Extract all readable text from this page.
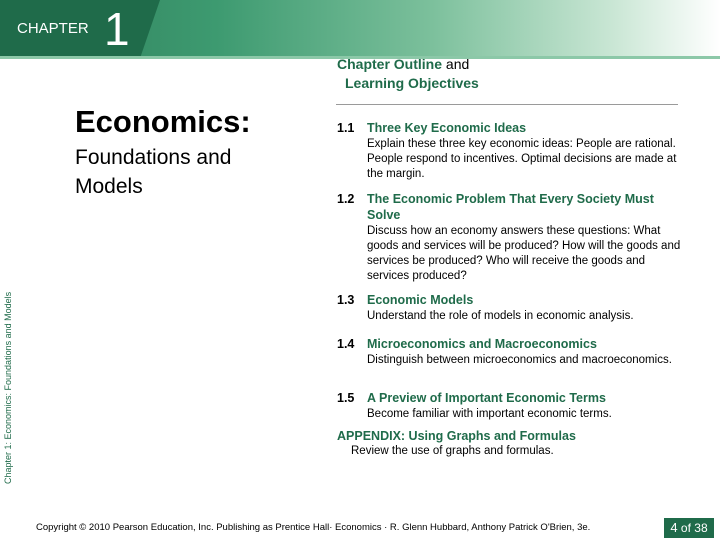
CHAPTER 1
Chapter Outline and
Learning Objectives
Economics:
Foundations and Models
Chapter 1: Economics: Foundations and Models
1.1	Three Key Economic Ideas
Explain these three key economic ideas: People are rational. People respond to incentives. Optimal decisions are made at the margin.
1.2	The Economic Problem That Every Society Must Solve
Discuss how an economy answers these questions: What goods and services will be produced? How will the goods and services be produced? Who will receive the goods and services produced?
1.3	Economic Models
Understand the role of models in economic analysis.
1.4	Microeconomics and Macroeconomics
Distinguish between microeconomics and macroeconomics.
1.5	A Preview of Important Economic Terms
Become familiar with important economic terms.
APPENDIX: Using Graphs and Formulas
Review the use of graphs and formulas.
Copyright © 2010 Pearson Education, Inc. Publishing as Prentice Hall· Economics · R. Glenn Hubbard, Anthony Patrick O'Brien, 3e.	4 of 38
